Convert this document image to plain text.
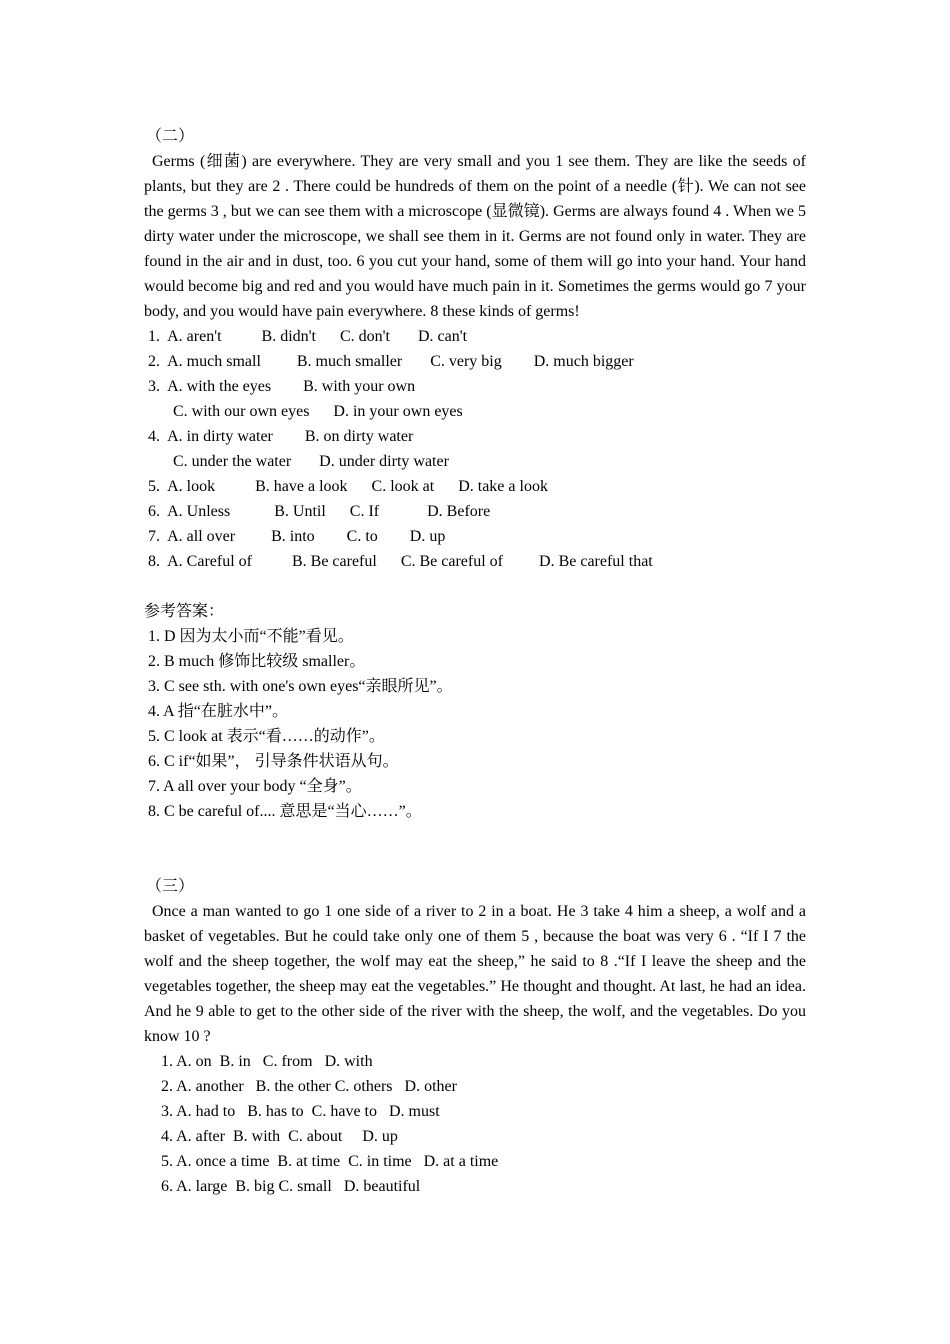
（二）

Germs (细菌) are everywhere. They are very small and you 1 see them. They are like the seeds of plants, but they are 2 . There could be hundreds of them on the point of a needle (针). We can not see the germs 3 , but we can see them with a microscope (显微镜). Germs are always found 4 . When we 5 dirty water under the microscope, we shall see them in it. Germs are not found only in water. They are found in the air and in dust, too. 6 you cut your hand, some of them will go into your hand. Your hand would become big and red and you would have much pain in it. Sometimes the germs would go 7 your body, and you would have pain everywhere. 8 these kinds of germs!

1.  A. aren't          B. didn't      C. don't       D. can't

2.  A. much small         B. much smaller       C. very big        D. much bigger

3.  A. with the eyes        B. with your own

C. with our own eyes      D. in your own eyes

4.  A. in dirty water        B. on dirty water

C. under the water       D. under dirty water

5.  A. look          B. have a look      C. look at      D. take a look

6.  A. Unless           B. Until      C. If            D. Before

7.  A. all over         B. into        C. to        D. up

8.  A. Careful of          B. Be careful      C. Be careful of         D. Be careful that

参考答案：

1. D 因为太小而“不能”看见。

2. B much 修饰比较级 smaller。

3. C see sth. with one's own eyes“亲眼所见”。

4. A 指“在脏水中”。

5. C look at 表示“看……的动作”。

6. C if“如果”， 引导条件状语从句。

7. A all over your body “全身”。

8. C be careful of.... 意思是“当心……”。

（三）

Once a man wanted to go 1 one side of a river to 2 in a boat. He 3 take 4 him a sheep, a wolf and a basket of vegetables. But he could take only one of them 5 , because the boat was very 6 . “If I 7 the wolf and the sheep together, the wolf may eat the sheep,” he said to 8 .“If I leave the sheep and the vegetables together, the sheep may eat the vegetables.” He thought and thought. At last, he had an idea. And he 9 able to get to the other side of the river with the sheep, the wolf, and the vegetables. Do you know 10 ?

1. A. on  B. in   C. from   D. with

2. A. another   B. the other C. others   D. other

3. A. had to   B. has to  C. have to   D. must

4. A. after  B. with  C. about     D. up

5. A. once a time  B. at time  C. in time   D. at a time

6. A. large  B. big C. small   D. beautiful
